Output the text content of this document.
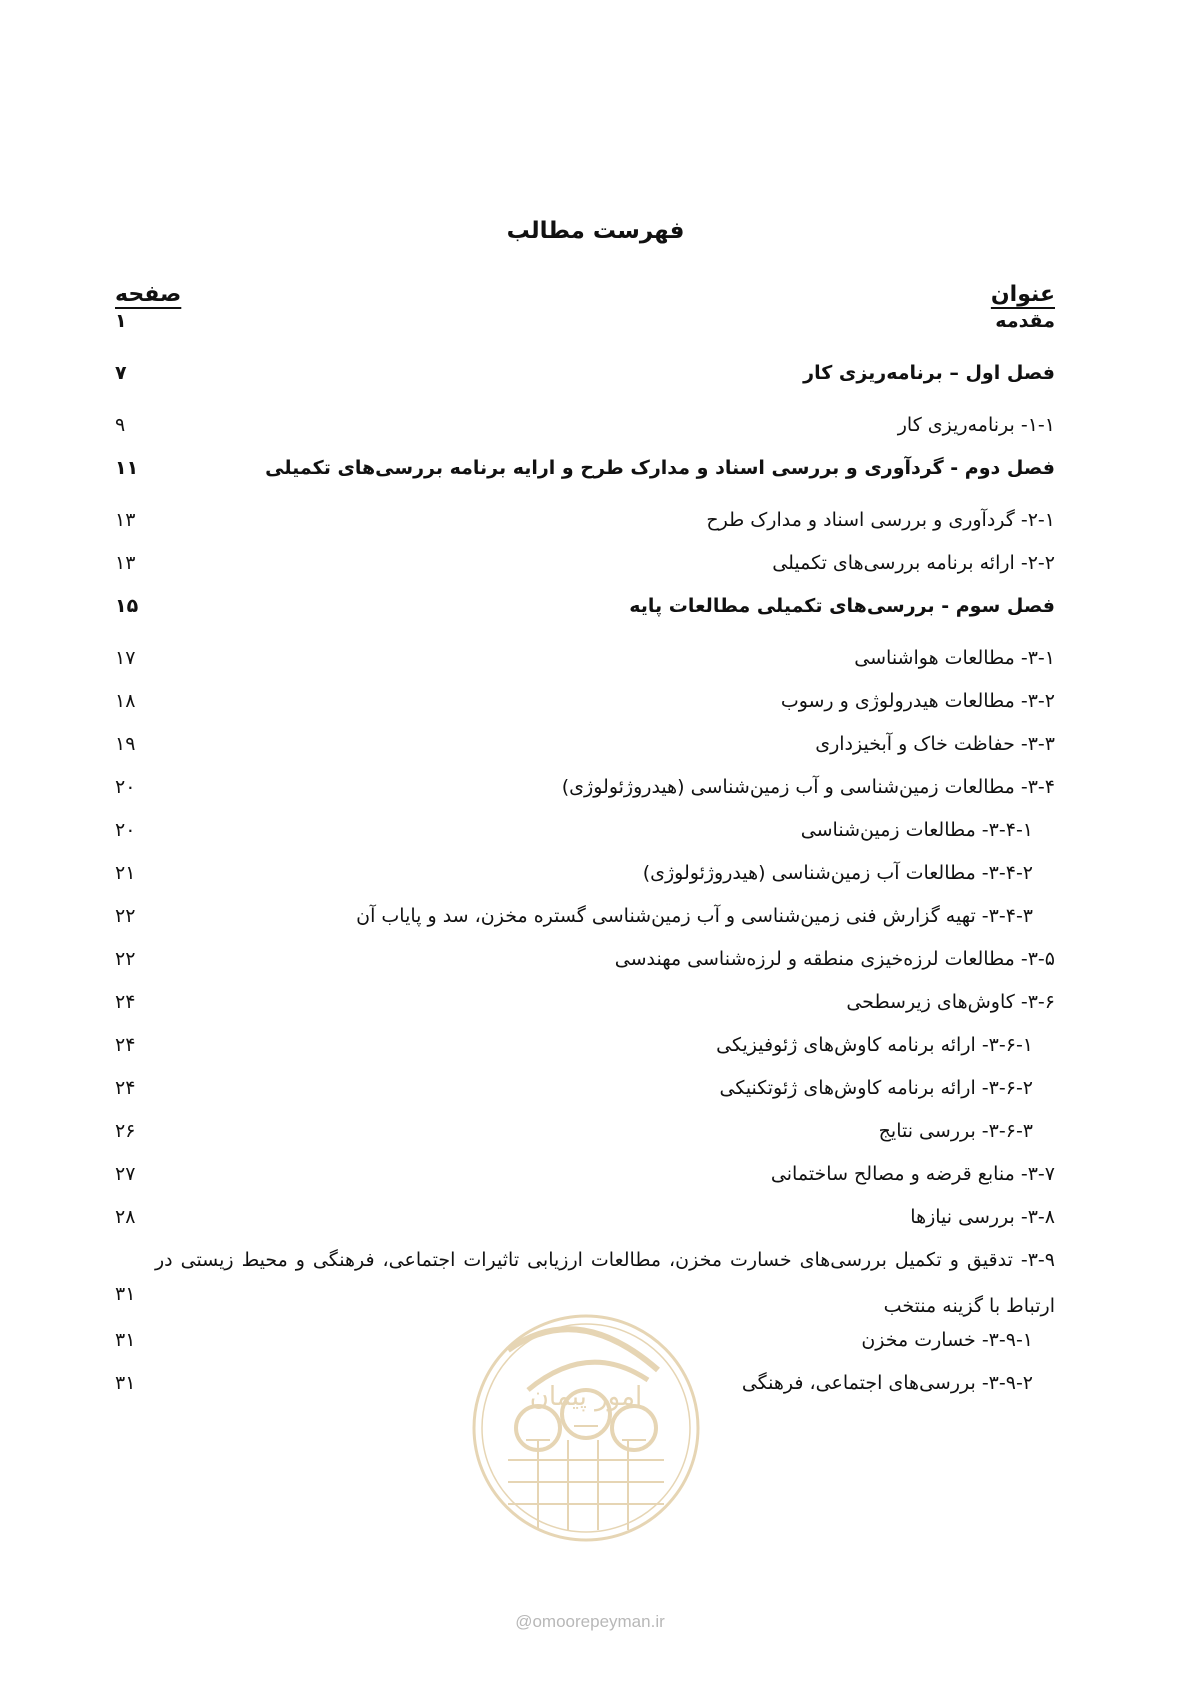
فهرست مطالب
عنوان
صفحه
مقدمه
۱
فصل اول – برنامه‌ریزی کار
۷
۱-۱- برنامه‌ریزی کار
۹
فصل دوم - گردآوری و بررسی اسناد و مدارک طرح و ارایه برنامه بررسی‌های تکمیلی
۱۱
۲-۱- گردآوری و بررسی اسناد و مدارک طرح
۱۳
۲-۲- ارائه برنامه بررسی‌های تکمیلی
۱۳
فصل سوم - بررسی‌های تکمیلی مطالعات پایه
۱۵
۳-۱- مطالعات هواشناسی
۱۷
۳-۲- مطالعات هیدرولوژی و رسوب
۱۸
۳-۳- حفاظت خاک و آبخیزداری
۱۹
۳-۴- مطالعات زمین‌شناسی و آب زمین‌شناسی (هیدروژئولوژی)
۲۰
۳-۴-۱- مطالعات زمین‌شناسی
۲۰
۳-۴-۲- مطالعات آب زمین‌شناسی (هیدروژئولوژی)
۲۱
۳-۴-۳- تهیه گزارش فنی زمین‌شناسی و آب زمین‌شناسی گستره مخزن، سد و پایاب آن
۲۲
۳-۵- مطالعات لرزه‌خیزی منطقه و لرزه‌شناسی مهندسی
۲۲
۳-۶- کاوش‌های زیرسطحی
۲۴
۳-۶-۱- ارائه برنامه کاوش‌های ژئوفیزیکی
۲۴
۳-۶-۲- ارائه برنامه کاوش‌های ژئوتکنیکی
۲۴
۳-۶-۳- بررسی نتایج
۲۶
۳-۷- منابع قرضه و مصالح ساختمانی
۲۷
۳-۸- بررسی نیازها
۲۸
۳-۹- تدقیق و تکمیل بررسی‌های خسارت مخزن، مطالعات ارزیابی تاثیرات اجتماعی، فرهنگی و محیط زیستی در ارتباط با گزینه منتخب
۳۱
۳-۹-۱- خسارت مخزن
۳۱
۳-۹-۲- بررسی‌های اجتماعی، فرهنگی
۳۱	امور پیمان
@omoorepeyman.ir
